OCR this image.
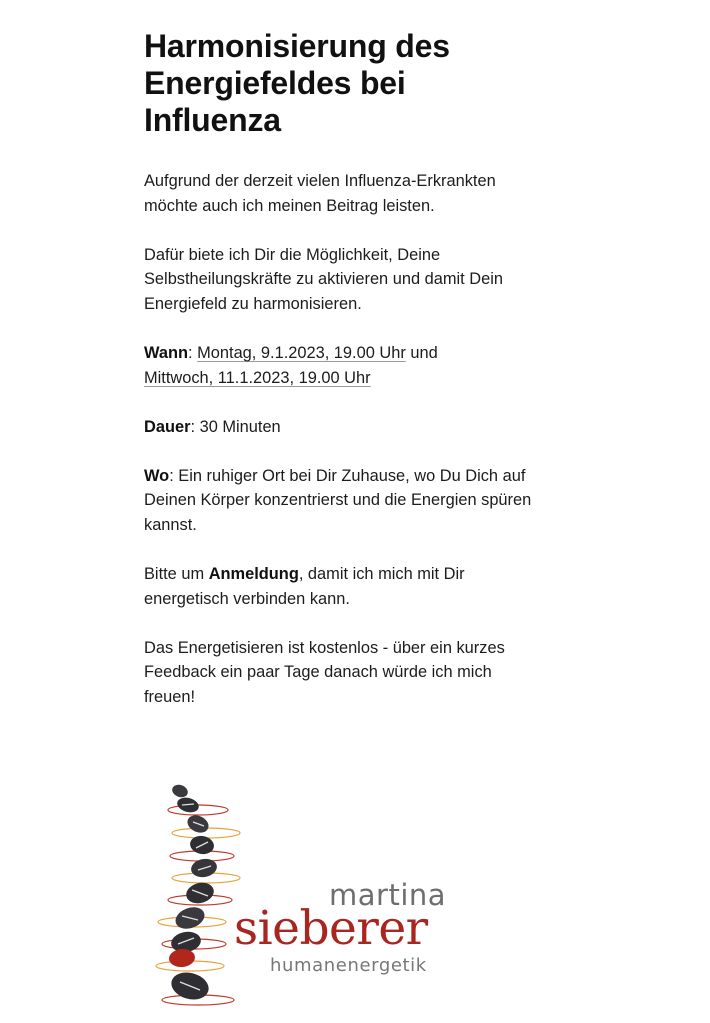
Harmonisierung des Energiefeldes bei Influenza

Aufgrund der derzeit vielen Influenza-Erkrankten möchte auch ich meinen Beitrag leisten.

Dafür biete ich Dir die Möglichkeit, Deine Selbstheilungskräfte zu aktivieren und damit Dein Energiefeld zu harmonisieren.

Wann: Montag, 9.1.2023, 19.00 Uhr und
Mittwoch, 11.1.2023, 19.00 Uhr

Dauer: 30 Minuten

Wo: Ein ruhiger Ort bei Dir Zuhause, wo Du Dich auf Deinen Körper konzentrierst und die Energien spüren kannst.

Bitte um Anmeldung, damit ich mich mit Dir energetisch verbinden kann.

Das Energetisieren ist kostenlos - über ein kurzes Feedback ein paar Tage danach würde ich mich freuen!

martina
sieberer
humanenergetik
